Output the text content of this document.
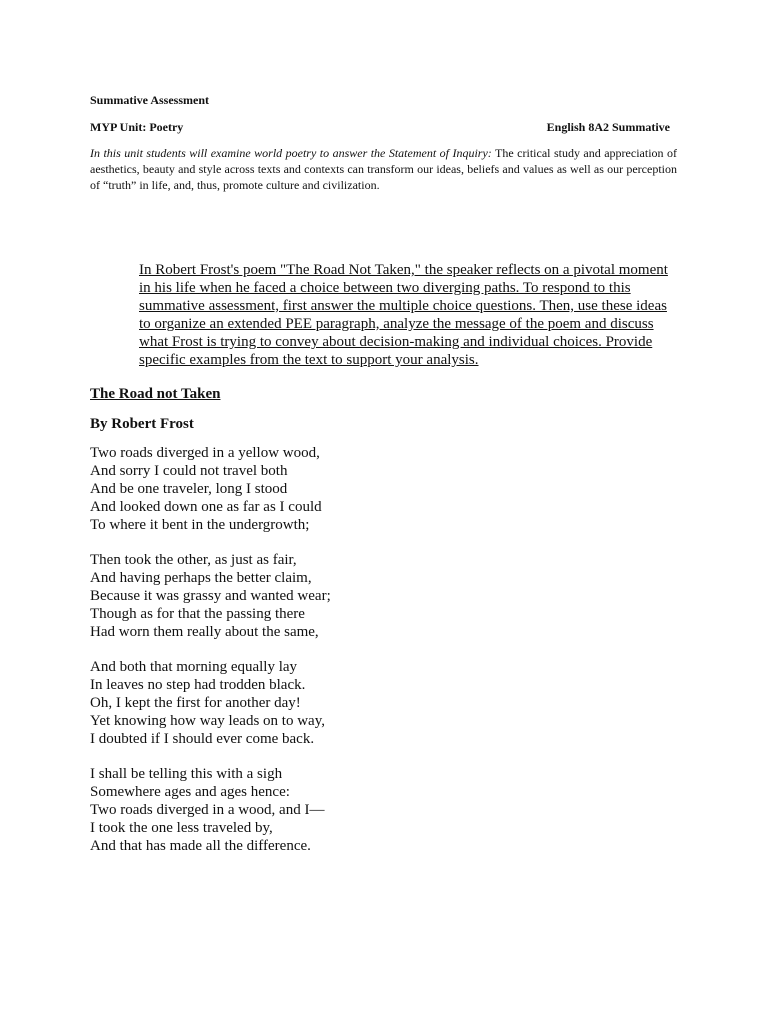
Summative Assessment
MYP Unit: Poetry	English 8A2 Summative
In this unit students will examine world poetry to answer the Statement of Inquiry: The critical study and appreciation of aesthetics, beauty and style across texts and contexts can transform our ideas, beliefs and values as well as our perception of “truth” in life, and, thus, promote culture and civilization.
In Robert Frost's poem "The Road Not Taken," the speaker reflects on a pivotal moment in his life when he faced a choice between two diverging paths. To respond to this summative assessment, first answer the multiple choice questions. Then, use these ideas to organize an extended PEE paragraph, analyze the message of the poem and discuss what Frost is trying to convey about decision-making and individual choices. Provide specific examples from the text to support your analysis.
The Road not Taken
By Robert Frost
Two roads diverged in a yellow wood,
And sorry I could not travel both
And be one traveler, long I stood
And looked down one as far as I could
To where it bent in the undergrowth;
Then took the other, as just as fair,
And having perhaps the better claim,
Because it was grassy and wanted wear;
Though as for that the passing there
Had worn them really about the same,
And both that morning equally lay
In leaves no step had trodden black.
Oh, I kept the first for another day!
Yet knowing how way leads on to way,
I doubted if I should ever come back.
I shall be telling this with a sigh
Somewhere ages and ages hence:
Two roads diverged in a wood, and I—
I took the one less traveled by,
And that has made all the difference.
